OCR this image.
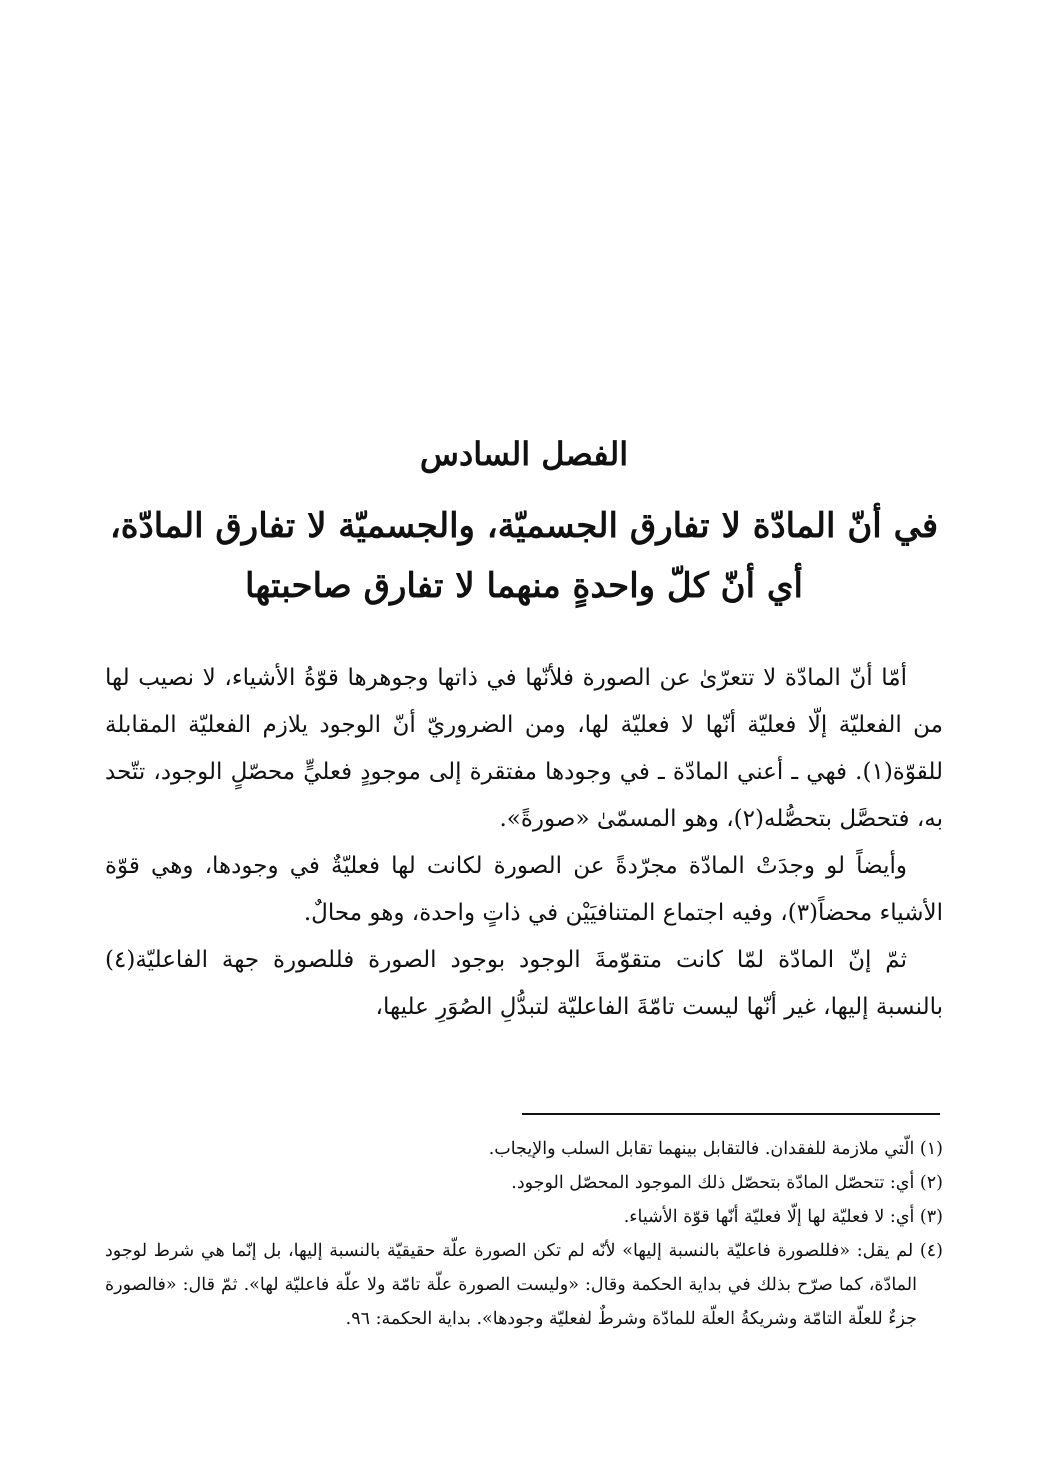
الفصل السادس
في أنّ المادّة لا تفارق الجسميّة، والجسميّة لا تفارق المادّة،
أي أنّ كلّ واحدةٍ منهما لا تفارق صاحبتها

أمّا أنّ المادّة لا تتعرّىٰ عن الصورة فلأنّها في ذاتها وجوهرها قوّةُ الأشياء، لا نصيب لها من الفعليّة إلّا فعليّة أنّها لا فعليّة لها، ومن الضروريّ أنّ الوجود يلازم الفعليّة المقابلة للقوّة(١). فهي ـ أعني المادّة ـ في وجودها مفتقرة إلى موجودٍ فعليٍّ محصّلٍ الوجود، تتّحد به، فتحصَّل بتحصُّله(٢)، وهو المسمّىٰ «صورةً».

وأيضاً لو وجدَتْ المادّة مجرّدةً عن الصورة لكانت لها فعليّةٌ في وجودها، وهي قوّة الأشياء محضاً(٣)، وفيه اجتماع المتنافيَيْن في ذاتٍ واحدة، وهو محالٌ.

ثمّ إنّ المادّة لمّا كانت متقوّمةَ الوجود بوجود الصورة فللصورة جهة الفاعليّة(٤) بالنسبة إليها، غير أنّها ليست تامّةَ الفاعليّة لتبدُّلِ الصُوَرِ عليها،

(١) الّتي ملازمة للفقدان. فالتقابل بينهما تقابل السلب والإيجاب.

(٢) أي: تتحصّل المادّة بتحصّل ذلك الموجود المحصّل الوجود.

(٣) أي: لا فعليّة لها إلّا فعليّة أنّها قوّة الأشياء.

(٤) لم يقل: «فللصورة فاعليّة بالنسبة إليها» لأنّه لم تكن الصورة علّة حقيقيّة بالنسبة إليها، بل إنّما هي شرط لوجود المادّة، كما صرّح بذلك في بداية الحكمة وقال: «وليست الصورة علّة تامّة ولا علّة فاعليّة لها». ثمّ قال: «فالصورة جزءٌ للعلّة التامّة وشريكةُ العلّة للمادّة وشرطٌ لفعليّة وجودها». بداية الحكمة: ٩٦.
